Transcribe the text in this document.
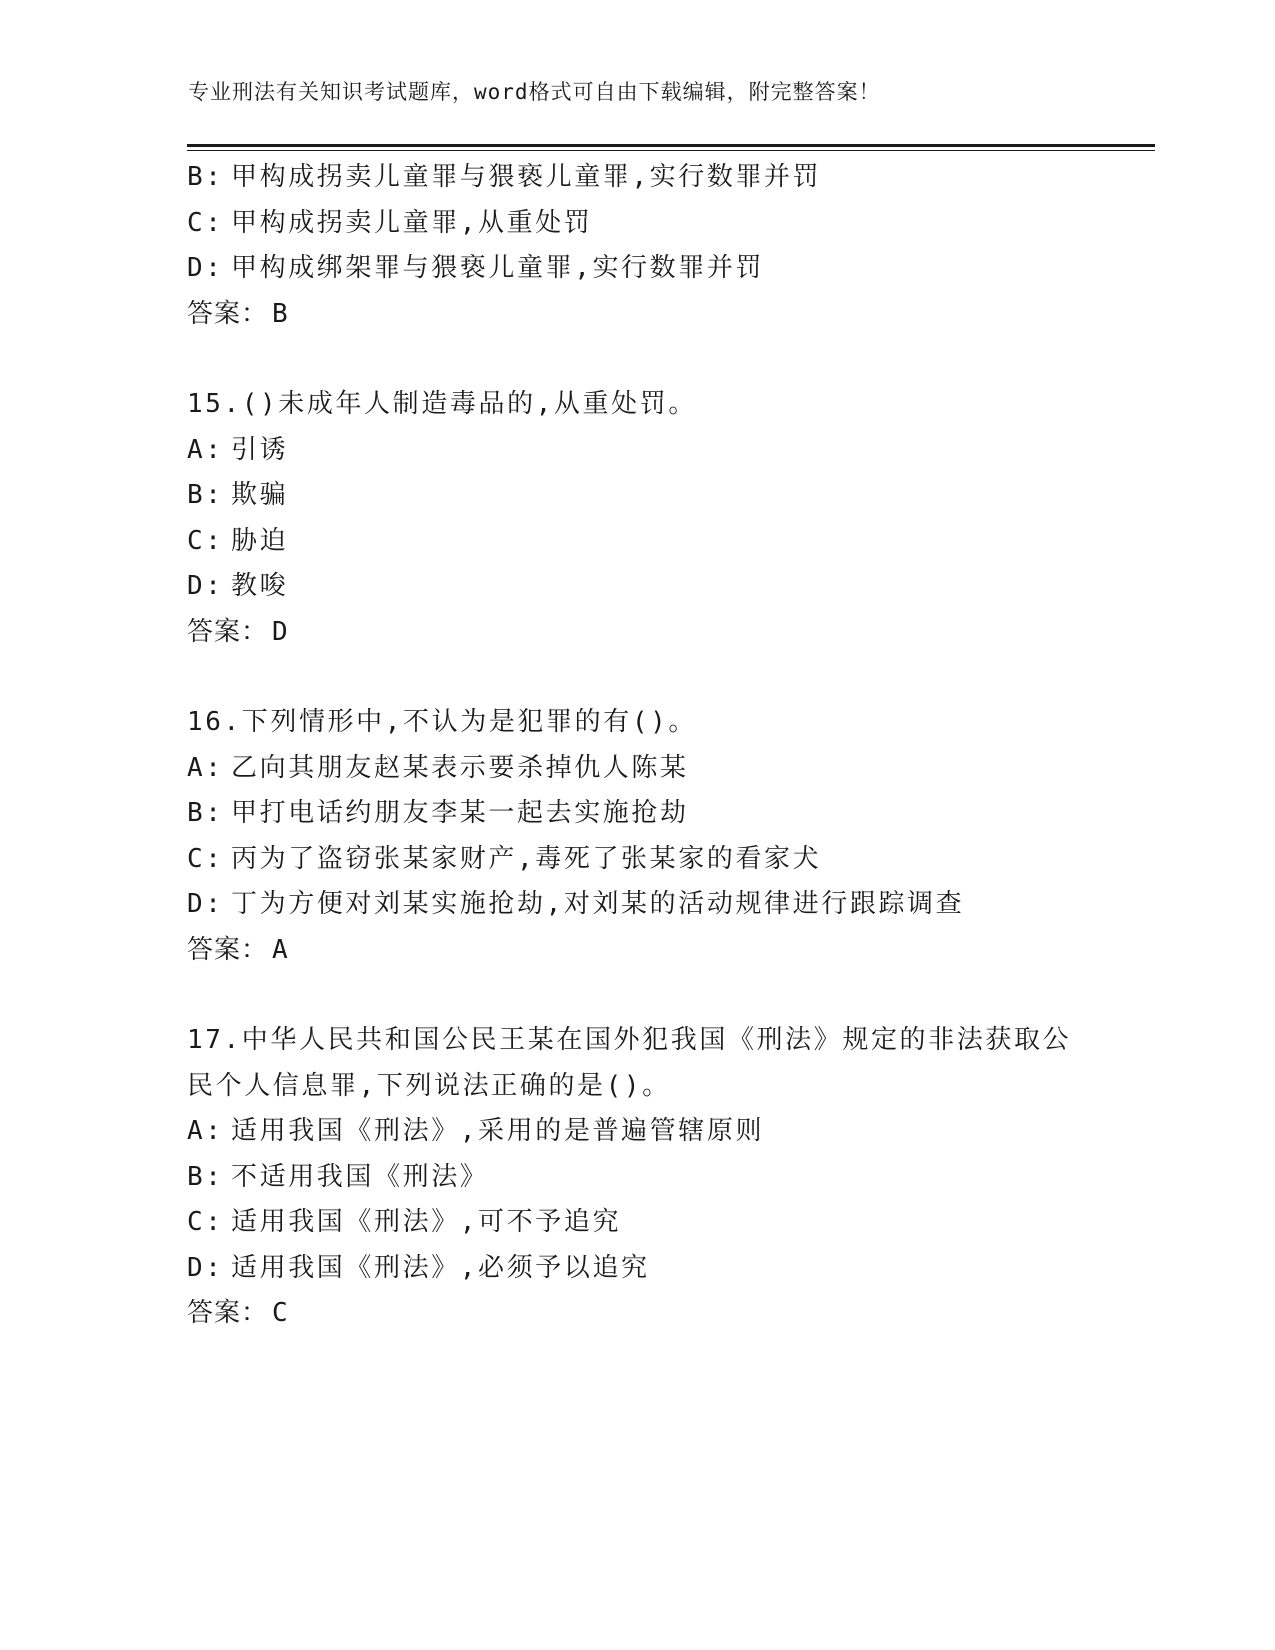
专业刑法有关知识考试题库，word格式可自由下载编辑，附完整答案！
B: 甲构成拐卖儿童罪与猥亵儿童罪,实行数罪并罚
C: 甲构成拐卖儿童罪,从重处罚
D: 甲构成绑架罪与猥亵儿童罪,实行数罪并罚
答案： B
15.()未成年人制造毒品的,从重处罚。
A: 引诱
B: 欺骗
C: 胁迫
D: 教唆
答案： D
16.下列情形中,不认为是犯罪的有()。
A: 乙向其朋友赵某表示要杀掉仇人陈某
B: 甲打电话约朋友李某一起去实施抢劫
C: 丙为了盗窃张某家财产,毒死了张某家的看家犬
D: 丁为方便对刘某实施抢劫,对刘某的活动规律进行跟踪调查
答案： A
17.中华人民共和国公民王某在国外犯我国《刑法》规定的非法获取公
民个人信息罪,下列说法正确的是()。
A: 适用我国《刑法》,采用的是普遍管辖原则
B: 不适用我国《刑法》
C: 适用我国《刑法》,可不予追究
D: 适用我国《刑法》,必须予以追究
答案： C
